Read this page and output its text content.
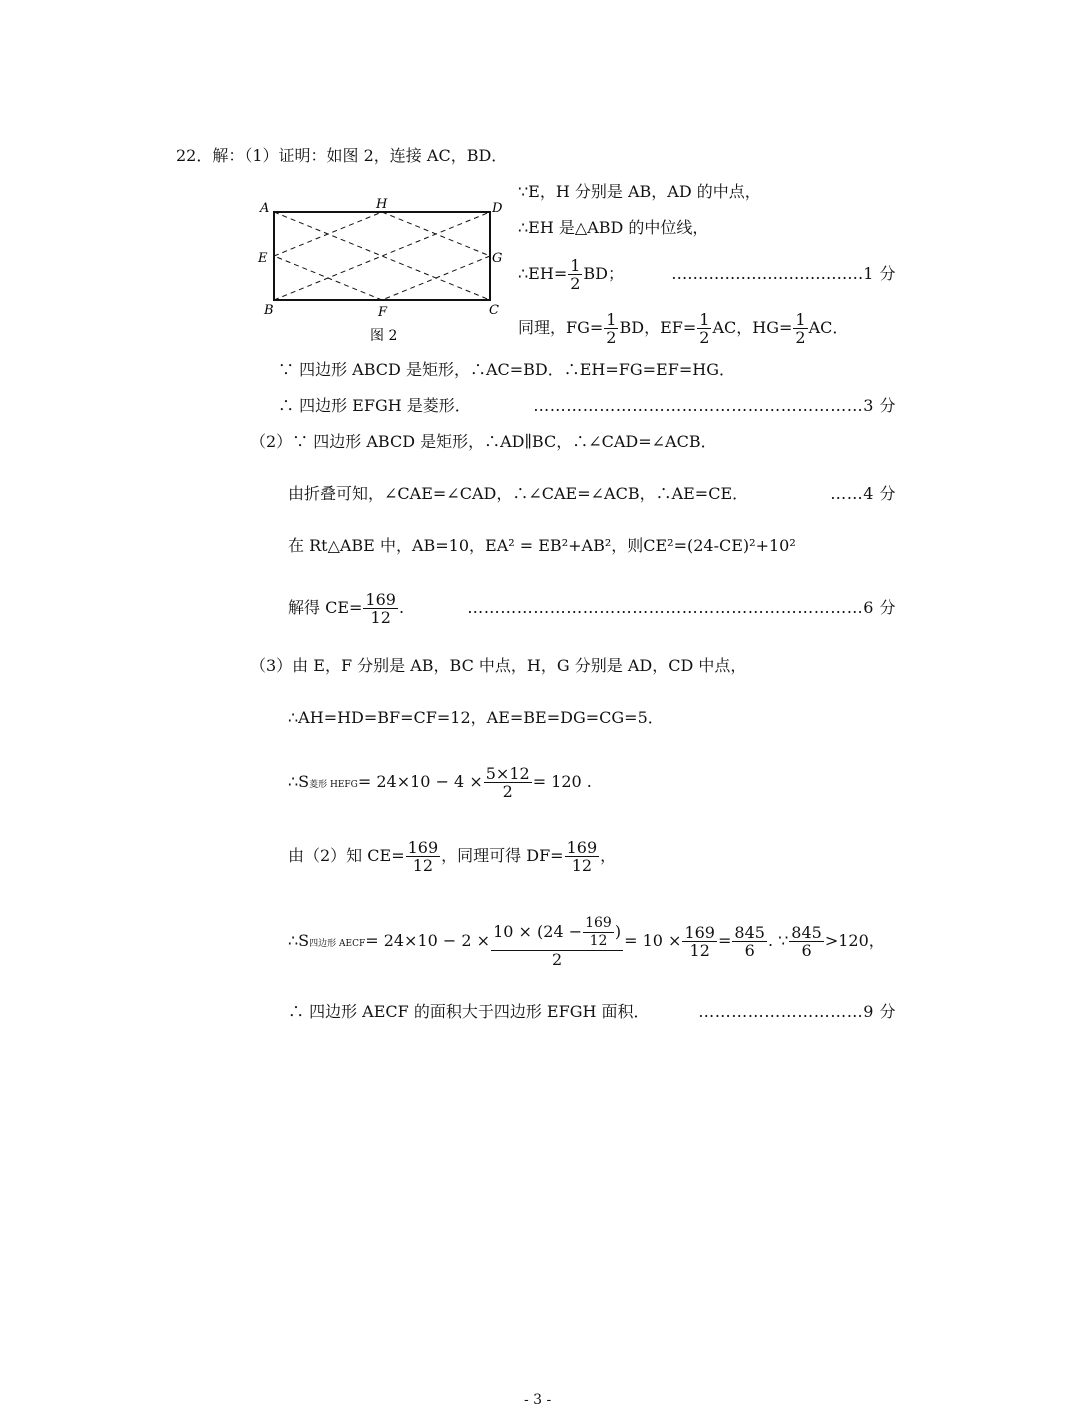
22．解：（1）证明：如图 2，连接 AC，BD．
A	H	D
E	G
B	F	C
图 2
∵E，H 分别是 AB，AD 的中点，
∴EH 是△ABD 的中位线，
∴EH= $\frac{1}{2}$ BD；	………………………………1 分
同理，$FG= \frac{1}{2}$ BD，$EF= \frac{1}{2}$ AC，$HG= \frac{1}{2}$ AC．
∵ 四边形 ABCD 是矩形，∴AC=BD．∴EH=FG=EF=HG．
∴ 四边形 EFGH 是菱形．	……………………………………………………3 分
（2）∵ 四边形 ABCD 是矩形，∴AD∥BC，∴∠CAD=∠ACB．
由折叠可知，∠CAE=∠CAD，∴∠CAE=∠ACB，∴AE=CE．	……4 分
在 Rt△ABE 中，AB=10，EA² = EB²+AB²，则CE²=(24-CE)²+10²
解得 $CE= \frac{169}{12}$ .	………………………………………………………………6 分
（3）由 E，F 分别是 AB，BC 中点，H，G 分别是 AD，CD 中点，
∴AH=HD=BF=CF=12，AE=BE=DG=CG=5．
∴S菱形 HEFG= $24\times 10 - 4 \times \frac{5\times 12}{2} = 120$ .
由（2）知 $CE= \frac{169}{12}$ ，同理可得 $DF= \frac{169}{12}$ ，
∴S四边形 AECF= $24\times 10 - 2 \times \frac{10 \times (24 - \frac{169}{12} )}{2} = 10 \times \frac{169}{12} = \frac{845}{6}$ . ∵ $\frac{845}{6} >120$，
∴ 四边形 AECF 的面积大于四边形 EFGH 面积．	…………………………9 分
- 3 -
